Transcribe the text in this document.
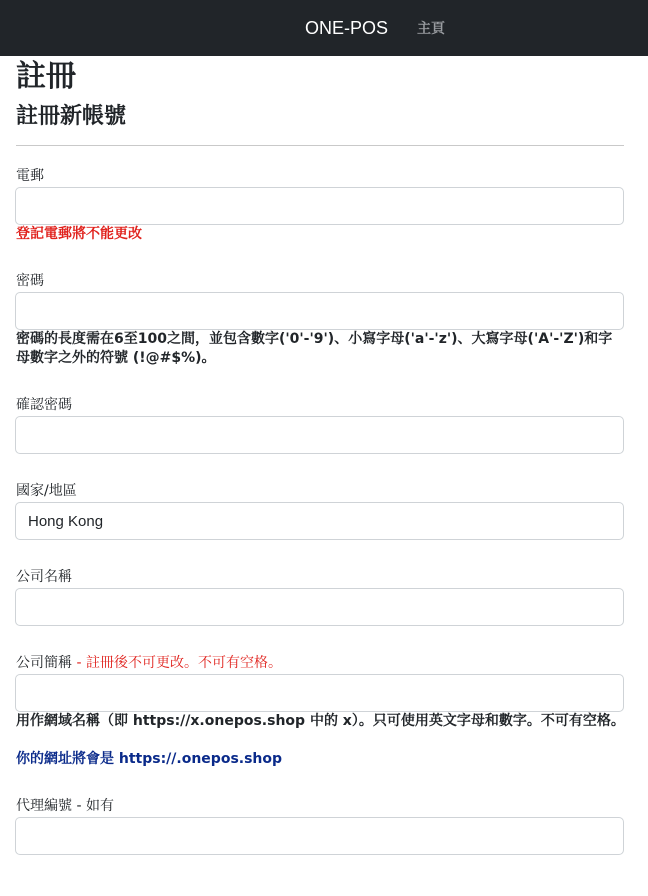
ONE-POS 主頁
註冊
註冊新帳號
電郵
登記電郵將不能更改
密碼
密碼的長度需在6至100之間，並包含數字('0'-'9')、小寫字母('a'-'z')、大寫字母('A'-'Z')和字母數字之外的符號 (!@#$%)。
確認密碼
國家/地區
Hong Kong
公司名稱
公司簡稱 - 註冊後不可更改。不可有空格。
用作網域名稱（即 https://x.onepos.shop 中的 x）。只可使用英文字母和數字。不可有空格。
你的網址將會是 https://.onepos.shop
代理編號 - 如有
